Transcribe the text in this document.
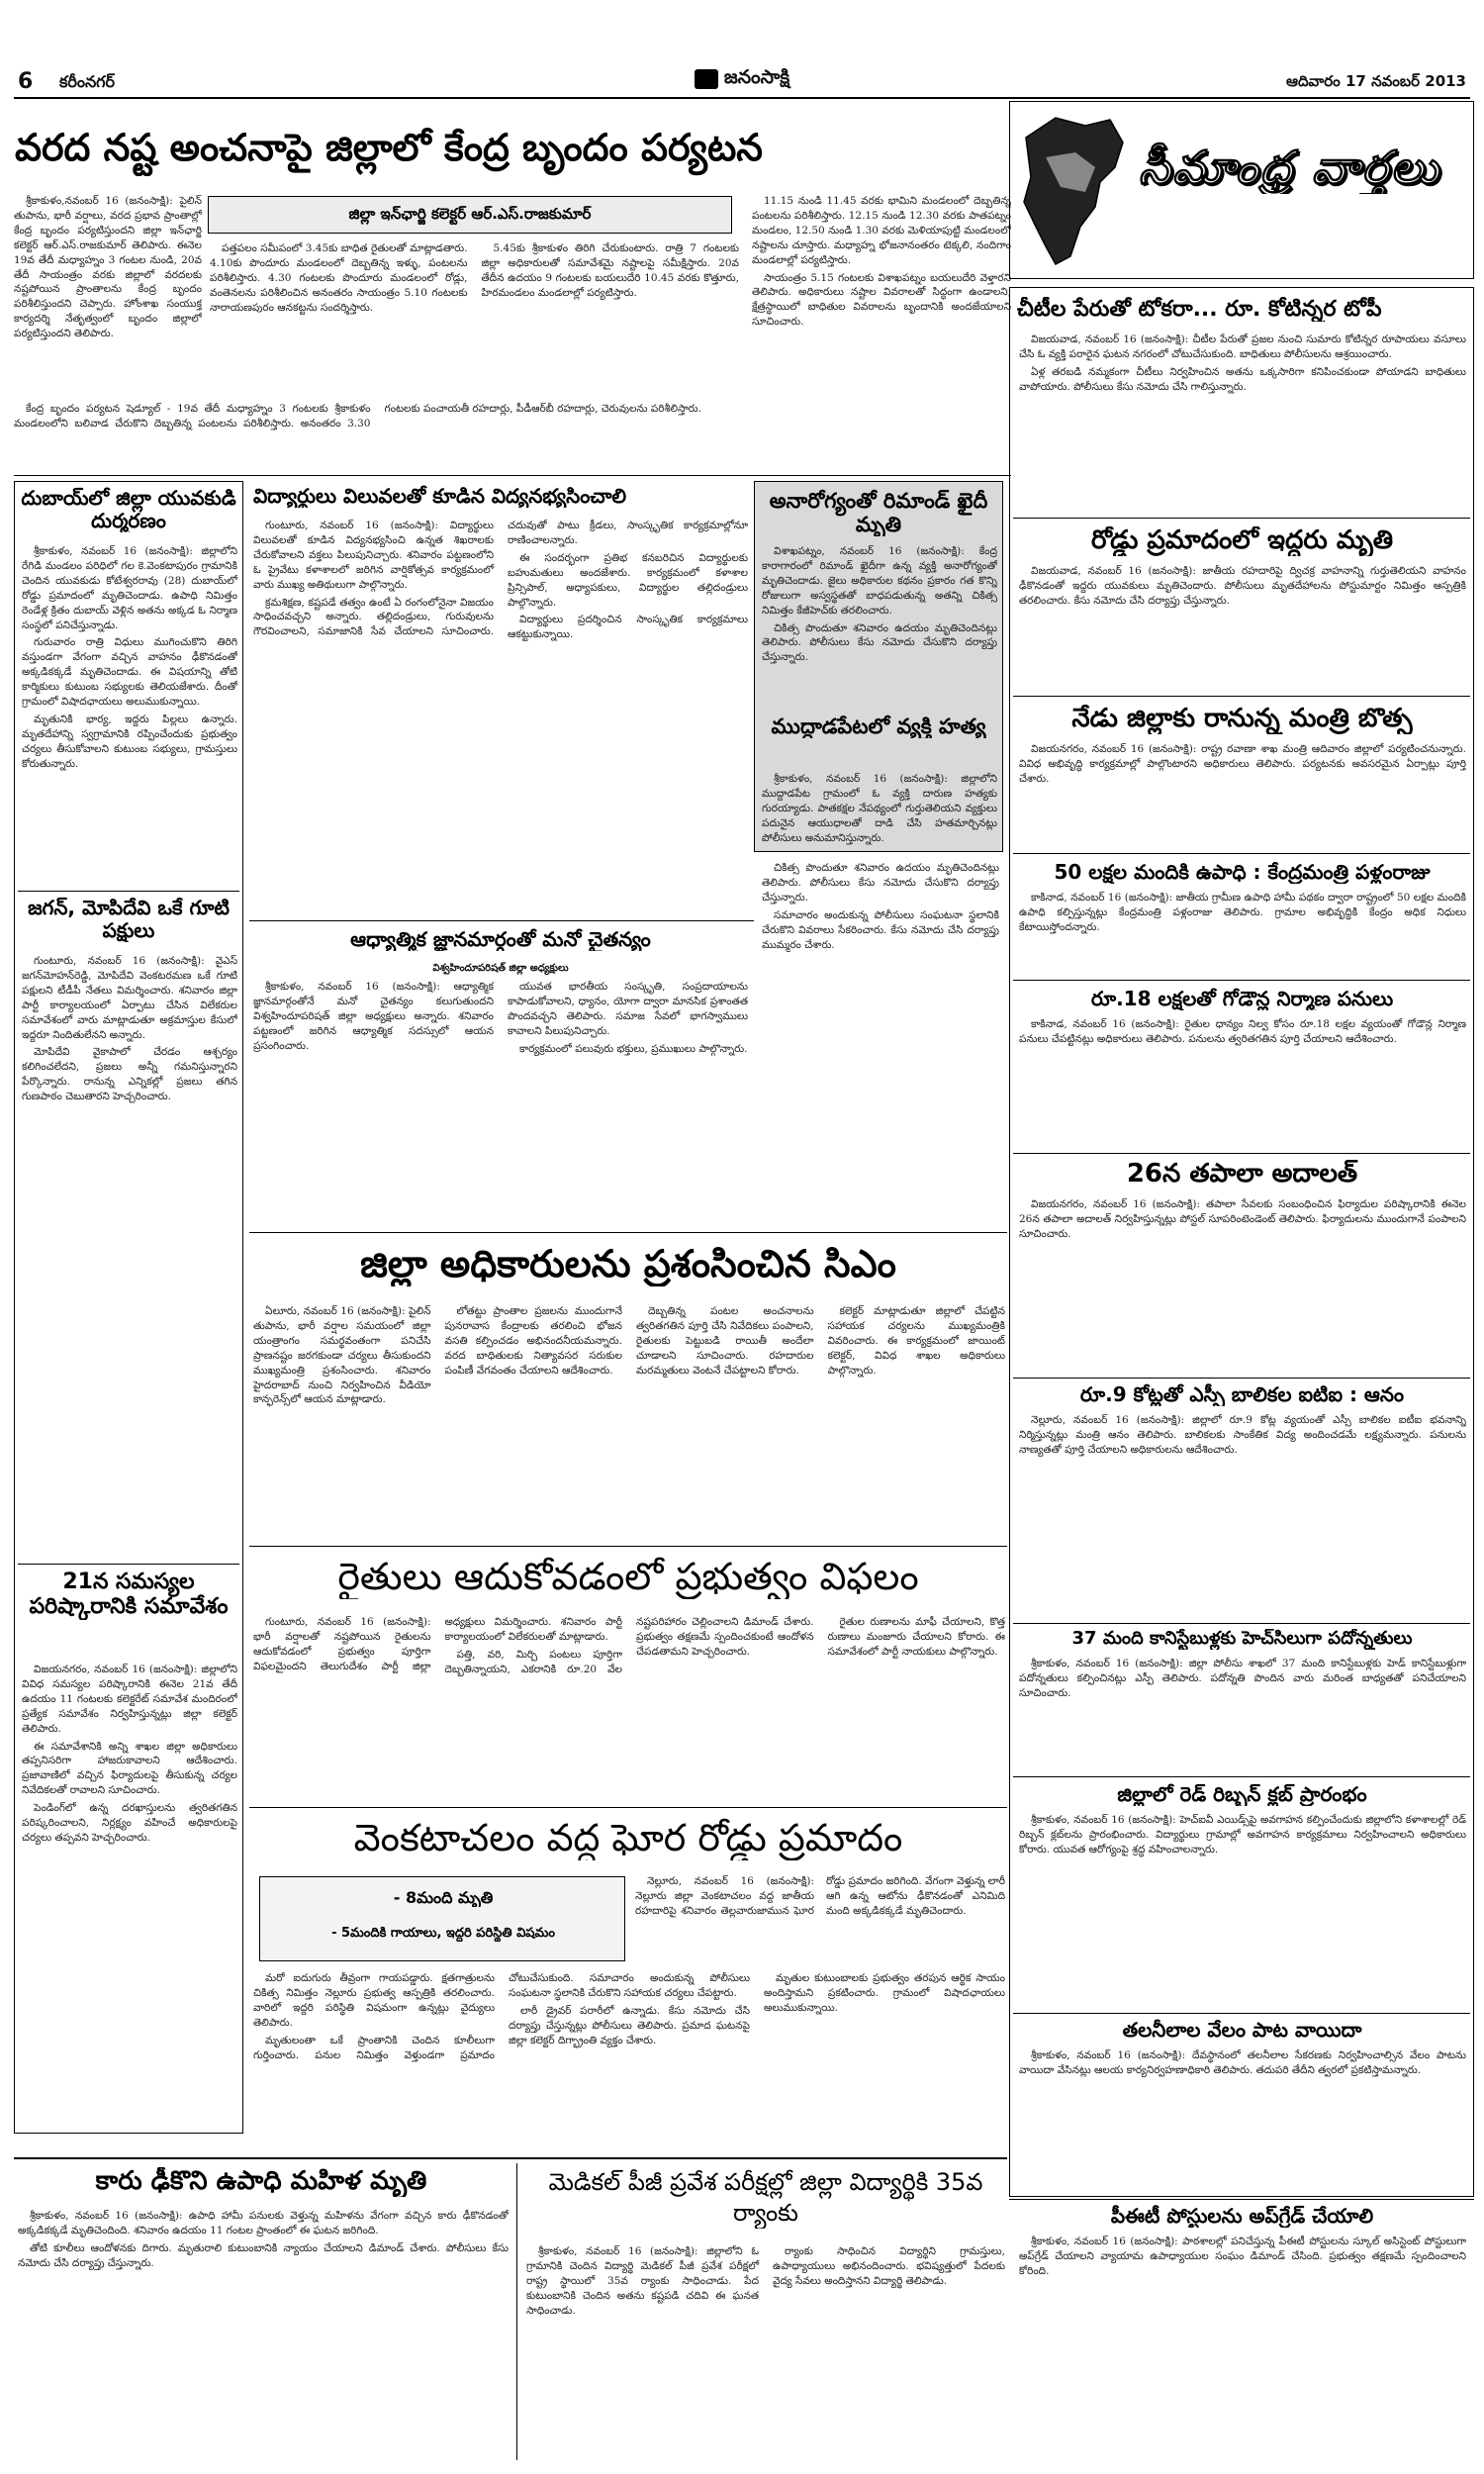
6 కరీంనగర్	జనంసాక్షి	ఆదివారం 17 నవంబర్ 2013
వరద నష్ట అంచనాపై జిల్లాలో కేంద్ర బృందం పర్యటన
జిల్లా ఇన్‌ఛార్జి కలెక్టర్ ఆర్.ఎస్.రాజకుమార్

శ్రీకాకుళం,నవంబర్ 16 (జనంసాక్షి): పైలిన్ తుపాను, భారీ వర్షాలు, వరద ప్రభావ ప్రాంతాల్లో కేంద్ర బృందం పర్యటిస్తుందని జిల్లా ఇన్‌ఛార్జి కలెక్టర్ ఆర్.ఎస్.రాజకుమార్ తెలిపారు. ఈనెల 19వ తేదీ మధ్యాహ్నం 3 గంటల నుండి, 20వ తేదీ సాయంత్రం వరకు జిల్లాలో వరదలకు నష్టపోయిన ప్రాంతాలను కేంద్ర బృందం పరిశీలిస్తుందని చెప్పారు. హోంశాఖ సంయుక్త కార్యదర్శి నేతృత్వంలో బృందం జిల్లాలో పర్యటిస్తుందని తెలిపారు.

కేంద్ర బృందం పర్యటన షెడ్యూల్‌ - 19వ తేదీ మధ్యాహ్నం 3 గంటలకు శ్రీకాకుళం మండలంలోని బలివాడ చేరుకొని దెబ్బతిన్న పంటలను పరిశీలిస్తారు. అనంతరం 3.30 గంటలకు పంచాయతీ రహదార్లు, పీడీఆర్‌బీ రహదార్లు, చెరువులను పరిశీలిస్తారు.

పత్తపలం సమీపంలో 3.45కు బాధిత రైతులతో మాట్లాడతారు. 4.10కు పొందూరు మండలంలో దెబ్బతిన్న ఇళ్ళు, పంటలను పరిశీలిస్తారు. 4.30 గంటలకు పొందూరు మండలంలో రోడ్లు, వంతెనలను పరిశీలించిన అనంతరం సాయంత్రం 5.10 గంటలకు నారాయణపురం ఆనకట్టను సందర్శిస్తారు.

5.45కు శ్రీకాకుళం తిరిగి చేరుకుంటారు. రాత్రి 7 గంటలకు జిల్లా అధికారులతో సమావేశమై నష్టాలపై సమీక్షిస్తారు. 20వ తేదీన ఉదయం 9 గంటలకు బయలుదేరి 10.45 వరకు కొత్తూరు, హిరమండలం మండలాల్లో పర్యటిస్తారు.

11.15 నుండి 11.45 వరకు భామిని మండలంలో దెబ్బతిన్న పంటలను పరిశీలిస్తారు. 12.15 నుండి 12.30 వరకు పాతపట్నం మండలం, 12.50 నుండి 1.30 వరకు మెళియాపుట్టి మండలంలో నష్టాలను చూస్తారు. మధ్యాహ్న భోజనానంతరం టెక్కలి, నందిగాం మండలాల్లో పర్యటిస్తారు.

సాయంత్రం 5.15 గంటలకు విశాఖపట్నం బయలుదేరి వెళ్తారని తెలిపారు. అధికారులు నష్టాల వివరాలతో సిద్ధంగా ఉండాలని, క్షేత్రస్థాయిలో బాధితుల వివరాలను బృందానికి అందజేయాలని సూచించారు.

సీమాంధ్ర వార్తలు
చీటీల పేరుతో టోకరా... రూ. కోటిన్నర టోపీ

విజయవాడ, నవంబర్ 16 (జనంసాక్షి): చీటీల పేరుతో ప్రజల నుంచి సుమారు కోటిన్నర రూపాయలు వసూలు చేసి ఓ వ్యక్తి పరారైన ఘటన నగరంలో చోటుచేసుకుంది. బాధితులు పోలీసులను ఆశ్రయించారు.

ఏళ్ల తరబడి నమ్మకంగా చీటీలు నిర్వహించిన అతను ఒక్కసారిగా కనిపించకుండా పోయాడని బాధితులు వాపోయారు. పోలీసులు కేసు నమోదు చేసి గాలిస్తున్నారు.

రోడ్డు ప్రమాదంలో ఇద్దరు మృతి

విజయవాడ, నవంబర్ 16 (జనంసాక్షి): జాతీయ రహదారిపై ద్విచక్ర వాహనాన్ని గుర్తుతెలియని వాహనం ఢీకొనడంతో ఇద్దరు యువకులు మృతిచెందారు. పోలీసులు మృతదేహాలను పోస్టుమార్టం నిమిత్తం ఆస్పత్రికి తరలించారు. కేసు నమోదు చేసి దర్యాప్తు చేస్తున్నారు.

నేడు జిల్లాకు రానున్న మంత్రి బొత్స

విజయనగరం, నవంబర్ 16 (జనంసాక్షి): రాష్ట్ర రవాణా శాఖ మంత్రి ఆదివారం జిల్లాలో పర్యటించనున్నారు. వివిధ అభివృద్ధి కార్యక్రమాల్లో పాల్గొంటారని అధికారులు తెలిపారు. పర్యటనకు అవసరమైన ఏర్పాట్లు పూర్తి చేశారు.

50 లక్షల మందికి ఉపాధి : కేంద్రమంత్రి పళ్లంరాజు

కాకినాడ, నవంబర్ 16 (జనంసాక్షి): జాతీయ గ్రామీణ ఉపాధి హామీ పథకం ద్వారా రాష్ట్రంలో 50 లక్షల మందికి ఉపాధి కల్పిస్తున్నట్లు కేంద్రమంత్రి పళ్లంరాజు తెలిపారు. గ్రామాల అభివృద్ధికి కేంద్రం అధిక నిధులు కేటాయిస్తోందన్నారు.

రూ.18 లక్షలతో గోడౌన్ల నిర్మాణ పనులు

కాకినాడ, నవంబర్ 16 (జనంసాక్షి): రైతుల ధాన్యం నిల్వ కోసం రూ.18 లక్షల వ్యయంతో గోడౌన్ల నిర్మాణ పనులు చేపట్టినట్లు అధికారులు తెలిపారు. పనులను త్వరితగతిన పూర్తి చేయాలని ఆదేశించారు.

26న తపాలా అదాలత్

విజయనగరం, నవంబర్ 16 (జనంసాక్షి): తపాలా సేవలకు సంబంధించిన ఫిర్యాదుల పరిష్కారానికి ఈనెల 26న తపాలా అదాలత్ నిర్వహిస్తున్నట్లు పోస్టల్ సూపరింటెండెంట్ తెలిపారు. ఫిర్యాదులను ముందుగానే పంపాలని సూచించారు.

రూ.9 కోట్లతో ఎస్సీ బాలికల ఐటిఐ : ఆనం

నెల్లూరు, నవంబర్ 16 (జనంసాక్షి): జిల్లాలో రూ.9 కోట్ల వ్యయంతో ఎస్సీ బాలికల ఐటీఐ భవనాన్ని నిర్మిస్తున్నట్లు మంత్రి ఆనం తెలిపారు. బాలికలకు సాంకేతిక విద్య అందించడమే లక్ష్యమన్నారు. పనులను నాణ్యతతో పూర్తి చేయాలని అధికారులను ఆదేశించారు.

37 మంది కానిస్టేబుళ్లకు హెచ్‌సిలుగా పదోన్నతులు

శ్రీకాకుళం, నవంబర్ 16 (జనంసాక్షి): జిల్లా పోలీసు శాఖలో 37 మంది కానిస్టేబుళ్లకు హెడ్ కానిస్టేబుళ్లుగా పదోన్నతులు కల్పించినట్లు ఎస్పీ తెలిపారు. పదోన్నతి పొందిన వారు మరింత బాధ్యతతో పనిచేయాలని సూచించారు.

జిల్లాలో రెడ్ రిబ్బన్ క్లబ్ ప్రారంభం

శ్రీకాకుళం, నవంబర్ 16 (జనంసాక్షి): హెచ్ఐవీ ఎయిడ్స్‌పై అవగాహన కల్పించేందుకు జిల్లాలోని కళాశాలల్లో రెడ్ రిబ్బన్ క్లబ్‌లను ప్రారంభించారు. విద్యార్థులు గ్రామాల్లో అవగాహన కార్యక్రమాలు నిర్వహించాలని అధికారులు కోరారు. యువత ఆరోగ్యంపై శ్రద్ధ వహించాలన్నారు.

తలనీలాల వేలం పాట వాయిదా

శ్రీకాకుళం, నవంబర్ 16 (జనంసాక్షి): దేవస్థానంలో తలనీలాల సేకరణకు నిర్వహించాల్సిన వేలం పాటను వాయిదా వేసినట్లు ఆలయ కార్యనిర్వహణాధికారి తెలిపారు. తదుపరి తేదీని త్వరలో ప్రకటిస్తామన్నారు.

పీఈటీ పోస్టులను అప్‌గ్రేడ్ చేయాలి

శ్రీకాకుళం, నవంబర్ 16 (జనంసాక్షి): పాఠశాలల్లో పనిచేస్తున్న పీఈటీ పోస్టులను స్కూల్ అసిస్టెంట్ పోస్టులుగా అప్‌గ్రేడ్ చేయాలని వ్యాయామ ఉపాధ్యాయుల సంఘం డిమాండ్ చేసింది. ప్రభుత్వం తక్షణమే స్పందించాలని కోరింది.

దుబాయ్‌లో జిల్లా యువకుడి దుర్మరణం

శ్రీకాకుళం, నవంబర్ 16 (జనంసాక్షి): జిల్లాలోని రేగిడి మండలం పరిధిలో గల కె.వెంకటాపురం గ్రామానికి చెందిన యువకుడు కోటేశ్వరరావు (28) దుబాయ్‌లో రోడ్డు ప్రమాదంలో మృతిచెందాడు. ఉపాధి నిమిత్తం రెండేళ్ల క్రితం దుబాయ్ వెళ్లిన అతను అక్కడ ఓ నిర్మాణ సంస్థలో పనిచేస్తున్నాడు.

గురువారం రాత్రి విధులు ముగించుకొని తిరిగి వస్తుండగా వేగంగా వచ్చిన వాహనం ఢీకొనడంతో అక్కడికక్కడే మృతిచెందాడు. ఈ విషయాన్ని తోటి కార్మికులు కుటుంబ సభ్యులకు తెలియజేశారు. దీంతో గ్రామంలో విషాదఛాయలు అలుముకున్నాయి.

మృతునికి భార్య, ఇద్దరు పిల్లలు ఉన్నారు. మృతదేహాన్ని స్వగ్రామానికి రప్పించేందుకు ప్రభుత్వం చర్యలు తీసుకోవాలని కుటుంబ సభ్యులు, గ్రామస్తులు కోరుతున్నారు.

జగన్, మోపిదేవి ఒకే గూటి పక్షులు

గుంటూరు, నవంబర్ 16 (జనంసాక్షి): వైఎస్ జగన్‌మోహన్‌రెడ్డి, మోపిదేవి వెంకటరమణ ఒకే గూటి పక్షులని టీడీపీ నేతలు విమర్శించారు. శనివారం జిల్లా పార్టీ కార్యాలయంలో ఏర్పాటు చేసిన విలేకరుల సమావేశంలో వారు మాట్లాడుతూ అక్రమాస్తుల కేసులో ఇద్దరూ నిందితులేనని అన్నారు.

మోపిదేవి వైకాపాలో చేరడం ఆశ్చర్యం కలిగించలేదని, ప్రజలు అన్నీ గమనిస్తున్నారని పేర్కొన్నారు. రానున్న ఎన్నికల్లో ప్రజలు తగిన గుణపాఠం చెబుతారని హెచ్చరించారు.

21న సమస్యల పరిష్కారానికి సమావేశం

విజయనగరం, నవంబర్ 16 (జనంసాక్షి): జిల్లాలోని వివిధ సమస్యల పరిష్కారానికి ఈనెల 21వ తేదీ ఉదయం 11 గంటలకు కలెక్టరేట్ సమావేశ మందిరంలో ప్రత్యేక సమావేశం నిర్వహిస్తున్నట్లు జిల్లా కలెక్టర్ తెలిపారు.

ఈ సమావేశానికి అన్ని శాఖల జిల్లా అధికారులు తప్పనిసరిగా హాజరుకావాలని ఆదేశించారు. ప్రజావాణిలో వచ్చిన ఫిర్యాదులపై తీసుకున్న చర్యల నివేదికలతో రావాలని సూచించారు.

పెండింగ్‌లో ఉన్న దరఖాస్తులను త్వరితగతిన పరిష్కరించాలని, నిర్లక్ష్యం వహించే అధికారులపై చర్యలు తప్పవని హెచ్చరించారు.

విద్యార్థులు విలువలతో కూడిన విద్యనభ్యసించాలి

గుంటూరు, నవంబర్ 16 (జనంసాక్షి): విద్యార్థులు విలువలతో కూడిన విద్యనభ్యసించి ఉన్నత శిఖరాలకు చేరుకోవాలని వక్తలు పిలుపునిచ్చారు. శనివారం పట్టణంలోని ఓ ప్రైవేటు కళాశాలలో జరిగిన వార్షికోత్సవ కార్యక్రమంలో వారు ముఖ్య అతిథులుగా పాల్గొన్నారు.

క్రమశిక్షణ, కష్టపడే తత్వం ఉంటే ఏ రంగంలోనైనా విజయం సాధించవచ్చని అన్నారు. తల్లిదండ్రులు, గురువులను గౌరవించాలని, సమాజానికి సేవ చేయాలని సూచించారు. చదువుతో పాటు క్రీడలు, సాంస్కృతిక కార్యక్రమాల్లోనూ రాణించాలన్నారు.

ఈ సందర్భంగా ప్రతిభ కనబరిచిన విద్యార్థులకు బహుమతులు అందజేశారు. కార్యక్రమంలో కళాశాల ప్రిన్సిపాల్, అధ్యాపకులు, విద్యార్థుల తల్లిదండ్రులు పాల్గొన్నారు.

విద్యార్థులు ప్రదర్శించిన సాంస్కృతిక కార్యక్రమాలు ఆకట్టుకున్నాయి.

అనారోగ్యంతో రిమాండ్ ఖైదీ మృతి

విశాఖపట్నం, నవంబర్ 16 (జనంసాక్షి): కేంద్ర కారాగారంలో రిమాండ్ ఖైదీగా ఉన్న వ్యక్తి అనారోగ్యంతో మృతిచెందాడు. జైలు అధికారుల కథనం ప్రకారం గత కొన్ని రోజులుగా అస్వస్థతతో బాధపడుతున్న అతన్ని చికిత్స నిమిత్తం కేజీహెచ్‌కు తరలించారు.

చికిత్స పొందుతూ శనివారం ఉదయం మృతిచెందినట్లు తెలిపారు. పోలీసులు కేసు నమోదు చేసుకొని దర్యాప్తు చేస్తున్నారు.

ముద్దాడపేటలో వ్యక్తి హత్య

శ్రీకాకుళం, నవంబర్ 16 (జనంసాక్షి): జిల్లాలోని ముద్దాడపేట గ్రామంలో ఓ వ్యక్తి దారుణ హత్యకు గురయ్యాడు. పాతకక్షల నేపథ్యంలో గుర్తుతెలియని వ్యక్తులు పదునైన ఆయుధాలతో దాడి చేసి హతమార్చినట్లు పోలీసులు అనుమానిస్తున్నారు.

ఆధ్యాత్మిక జ్ఞానమార్గంతో మనో చైతన్యం
విశ్వహిందూపరిషత్ జిల్లా అధ్యక్షులు

శ్రీకాకుళం, నవంబర్ 16 (జనంసాక్షి): ఆధ్యాత్మిక జ్ఞానమార్గంతోనే మనో చైతన్యం కలుగుతుందని విశ్వహిందూపరిషత్ జిల్లా అధ్యక్షులు అన్నారు. శనివారం పట్టణంలో జరిగిన ఆధ్యాత్మిక సదస్సులో ఆయన ప్రసంగించారు.

యువత భారతీయ సంస్కృతి, సంప్రదాయాలను కాపాడుకోవాలని, ధ్యానం, యోగా ద్వారా మానసిక ప్రశాంతత పొందవచ్చని తెలిపారు. సమాజ సేవలో భాగస్వాములు కావాలని పిలుపునిచ్చారు.

కార్యక్రమంలో పలువురు భక్తులు, ప్రముఖులు పాల్గొన్నారు.

చికిత్స పొందుతూ శనివారం ఉదయం మృతిచెందినట్లు తెలిపారు. పోలీసులు కేసు నమోదు చేసుకొని దర్యాప్తు చేస్తున్నారు.

సమాచారం అందుకున్న పోలీసులు సంఘటనా స్థలానికి చేరుకొని వివరాలు సేకరించారు. కేసు నమోదు చేసి దర్యాప్తు ముమ్మరం చేశారు.

జిల్లా అధికారులను ప్రశంసించిన సిఎం

ఏలూరు, నవంబర్ 16 (జనంసాక్షి): పైలిన్ తుపాను, భారీ వర్షాల సమయంలో జిల్లా యంత్రాంగం సమర్థవంతంగా పనిచేసి ప్రాణనష్టం జరగకుండా చర్యలు తీసుకుందని ముఖ్యమంత్రి ప్రశంసించారు. శనివారం హైదరాబాద్ నుంచి నిర్వహించిన వీడియో కాన్ఫరెన్స్‌లో ఆయన మాట్లాడారు.

లోతట్టు ప్రాంతాల ప్రజలను ముందుగానే పునరావాస కేంద్రాలకు తరలించి భోజన వసతి కల్పించడం అభినందనీయమన్నారు. వరద బాధితులకు నిత్యావసర సరుకుల పంపిణీ వేగవంతం చేయాలని ఆదేశించారు.

దెబ్బతిన్న పంటల అంచనాలను త్వరితగతిన పూర్తి చేసి నివేదికలు పంపాలని, రైతులకు పెట్టుబడి రాయితీ అందేలా చూడాలని సూచించారు. రహదారుల మరమ్మతులు వెంటనే చేపట్టాలని కోరారు.

కలెక్టర్ మాట్లాడుతూ జిల్లాలో చేపట్టిన సహాయక చర్యలను ముఖ్యమంత్రికి వివరించారు. ఈ కార్యక్రమంలో జాయింట్ కలెక్టర్, వివిధ శాఖల అధికారులు పాల్గొన్నారు.

రైతులు ఆదుకోవడంలో ప్రభుత్వం విఫలం

గుంటూరు, నవంబర్ 16 (జనంసాక్షి): భారీ వర్షాలతో నష్టపోయిన రైతులను ఆదుకోవడంలో ప్రభుత్వం పూర్తిగా విఫలమైందని తెలుగుదేశం పార్టీ జిల్లా అధ్యక్షులు విమర్శించారు. శనివారం పార్టీ కార్యాలయంలో విలేకరులతో మాట్లాడారు.

పత్తి, వరి, మిర్చి పంటలు పూర్తిగా దెబ్బతిన్నాయని, ఎకరానికి రూ.20 వేల నష్టపరిహారం చెల్లించాలని డిమాండ్ చేశారు. ప్రభుత్వం తక్షణమే స్పందించకుంటే ఆందోళన చేపడతామని హెచ్చరించారు.

రైతుల రుణాలను మాఫీ చేయాలని, కొత్త రుణాలు మంజూరు చేయాలని కోరారు. ఈ సమావేశంలో పార్టీ నాయకులు పాల్గొన్నారు.

వెంకటాచలం వద్ద ఘోర రోడ్డు ప్రమాదం
- 8మంది మృతి
- 5మందికి గాయాలు, ఇద్దరి పరిస్థితి విషమం

నెల్లూరు, నవంబర్ 16 (జనంసాక్షి): నెల్లూరు జిల్లా వెంకటాచలం వద్ద జాతీయ రహదారిపై శనివారం తెల్లవారుజామున ఘోర రోడ్డు ప్రమాదం జరిగింది. వేగంగా వెళ్తున్న లారీ ఆగి ఉన్న ఆటోను ఢీకొనడంతో ఎనిమిది మంది అక్కడికక్కడే మృతిచెందారు.

మరో ఐదుగురు తీవ్రంగా గాయపడ్డారు. క్షతగాత్రులను చికిత్స నిమిత్తం నెల్లూరు ప్రభుత్వ ఆస్పత్రికి తరలించారు. వారిలో ఇద్దరి పరిస్థితి విషమంగా ఉన్నట్లు వైద్యులు తెలిపారు.

మృతులంతా ఒకే ప్రాంతానికి చెందిన కూలీలుగా గుర్తించారు. పనుల నిమిత్తం వెళ్తుండగా ప్రమాదం చోటుచేసుకుంది. సమాచారం అందుకున్న పోలీసులు సంఘటనా స్థలానికి చేరుకొని సహాయక చర్యలు చేపట్టారు.

లారీ డ్రైవర్ పరారీలో ఉన్నాడు. కేసు నమోదు చేసి దర్యాప్తు చేస్తున్నట్లు పోలీసులు తెలిపారు. ప్రమాద ఘటనపై జిల్లా కలెక్టర్ దిగ్భ్రాంతి వ్యక్తం చేశారు.

మృతుల కుటుంబాలకు ప్రభుత్వం తరపున ఆర్థిక సాయం అందిస్తామని ప్రకటించారు. గ్రామంలో విషాదఛాయలు అలుముకున్నాయి.

కారు ఢీకొని ఉపాధి మహిళ మృతి

శ్రీకాకుళం, నవంబర్ 16 (జనంసాక్షి): ఉపాధి హామీ పనులకు వెళ్తున్న మహిళను వేగంగా వచ్చిన కారు ఢీకొనడంతో అక్కడికక్కడే మృతిచెందింది. శనివారం ఉదయం 11 గంటల ప్రాంతంలో ఈ ఘటన జరిగింది.

తోటి కూలీలు ఆందోళనకు దిగారు. మృతురాలి కుటుంబానికి న్యాయం చేయాలని డిమాండ్ చేశారు. పోలీసులు కేసు నమోదు చేసి దర్యాప్తు చేస్తున్నారు.

మెడికల్ పీజీ ప్రవేశ పరీక్షల్లో జిల్లా విద్యార్థికి 35వ ర్యాంకు

శ్రీకాకుళం, నవంబర్ 16 (జనంసాక్షి): జిల్లాలోని ఓ గ్రామానికి చెందిన విద్యార్థి మెడికల్ పీజీ ప్రవేశ పరీక్షలో రాష్ట్ర స్థాయిలో 35వ ర్యాంకు సాధించాడు. పేద కుటుంబానికి చెందిన అతను కష్టపడి చదివి ఈ ఘనత సాధించాడు.

ర్యాంకు సాధించిన విద్యార్థిని గ్రామస్తులు, ఉపాధ్యాయులు అభినందించారు. భవిష్యత్తులో పేదలకు వైద్య సేవలు అందిస్తానని విద్యార్థి తెలిపాడు.
